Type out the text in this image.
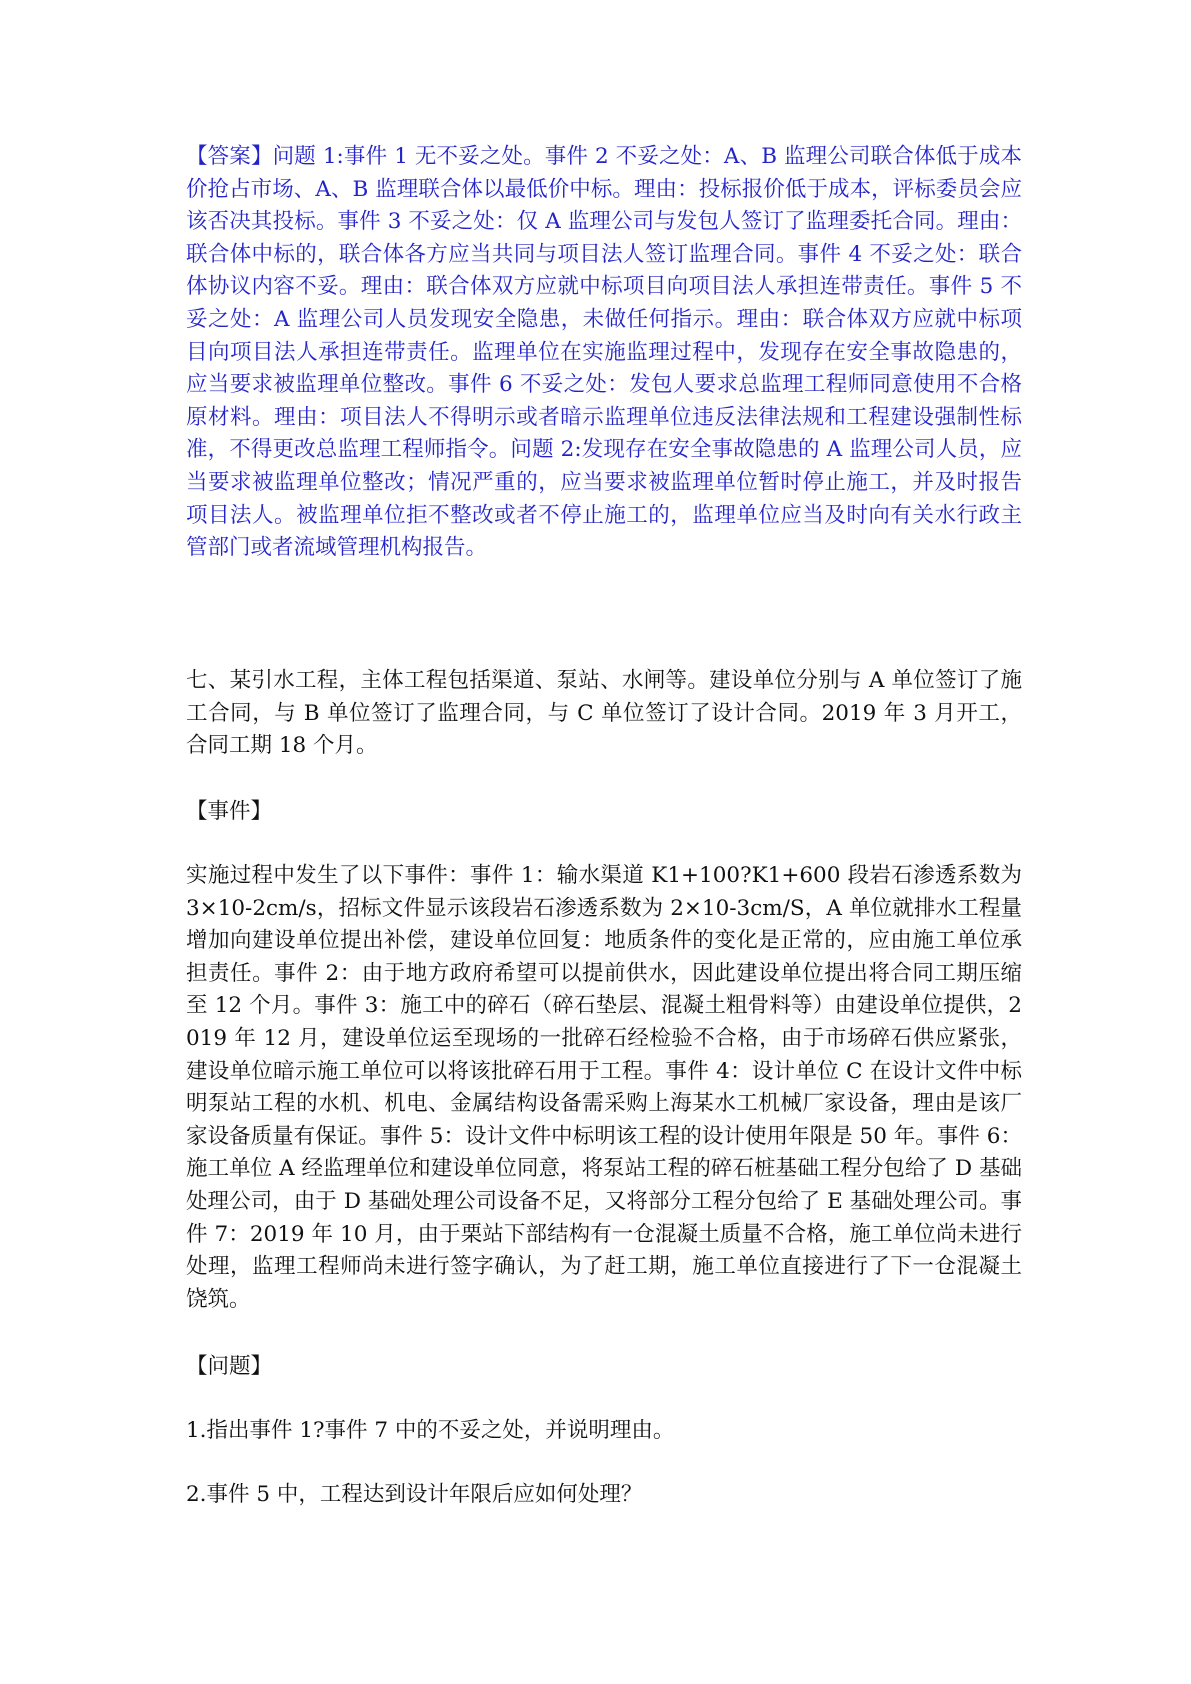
【答案】问题 1:事件 1 无不妥之处。事件 2 不妥之处：A、B 监理公司联合体低于成本价抢占市场、A、B 监理联合体以最低价中标。理由：投标报价低于成本，评标委员会应该否决其投标。事件 3 不妥之处：仅 A 监理公司与发包人签订了监理委托合同。理由：联合体中标的，联合体各方应当共同与项目法人签订监理合同。事件 4 不妥之处：联合体协议内容不妥。理由：联合体双方应就中标项目向项目法人承担连带责任。事件 5 不妥之处：A 监理公司人员发现安全隐患，未做任何指示。理由：联合体双方应就中标项目向项目法人承担连带责任。监理单位在实施监理过程中，发现存在安全事故隐患的，应当要求被监理单位整改。事件 6 不妥之处：发包人要求总监理工程师同意使用不合格原材料。理由：项目法人不得明示或者暗示监理单位违反法律法规和工程建设强制性标准，不得更改总监理工程师指令。问题 2:发现存在安全事故隐患的 A 监理公司人员，应当要求被监理单位整改；情况严重的，应当要求被监理单位暂时停止施工，并及时报告项目法人。被监理单位拒不整改或者不停止施工的，监理单位应当及时向有关水行政主管部门或者流域管理机构报告。

七、某引水工程，主体工程包括渠道、泵站、水闸等。建设单位分别与 A 单位签订了施工合同，与 B 单位签订了监理合同，与 C 单位签订了设计合同。2019 年 3 月开工，合同工期 18 个月。

【事件】

实施过程中发生了以下事件：事件 1：输水渠道 K1+100?K1+600 段岩石渗透系数为 3×10-2cm/s，招标文件显示该段岩石渗透系数为 2×10-3cm/S，A 单位就排水工程量增加向建设单位提出补偿，建设单位回复：地质条件的变化是正常的，应由施工单位承担责任。事件 2：由于地方政府希望可以提前供水，因此建设单位提出将合同工期压缩至 12 个月。事件 3：施工中的碎石（碎石垫层、混凝土粗骨料等）由建设单位提供，2019 年 12 月，建设单位运至现场的一批碎石经检验不合格，由于市场碎石供应紧张，建设单位暗示施工单位可以将该批碎石用于工程。事件 4：设计单位 C 在设计文件中标明泵站工程的水机、机电、金属结构设备需采购上海某水工机械厂家设备，理由是该厂家设备质量有保证。事件 5：设计文件中标明该工程的设计使用年限是 50 年。事件 6：施工单位 A 经监理单位和建设单位同意，将泵站工程的碎石桩基础工程分包给了 D 基础处理公司，由于 D 基础处理公司设备不足，又将部分工程分包给了 E 基础处理公司。事件 7：2019 年 10 月，由于栗站下部结构有一仓混凝土质量不合格，施工单位尚未进行处理，监理工程师尚未进行签字确认，为了赶工期，施工单位直接进行了下一仓混凝土饶筑。

【问题】

1.指出事件 1?事件 7 中的不妥之处，并说明理由。

2.事件 5 中，工程达到设计年限后应如何处理？
